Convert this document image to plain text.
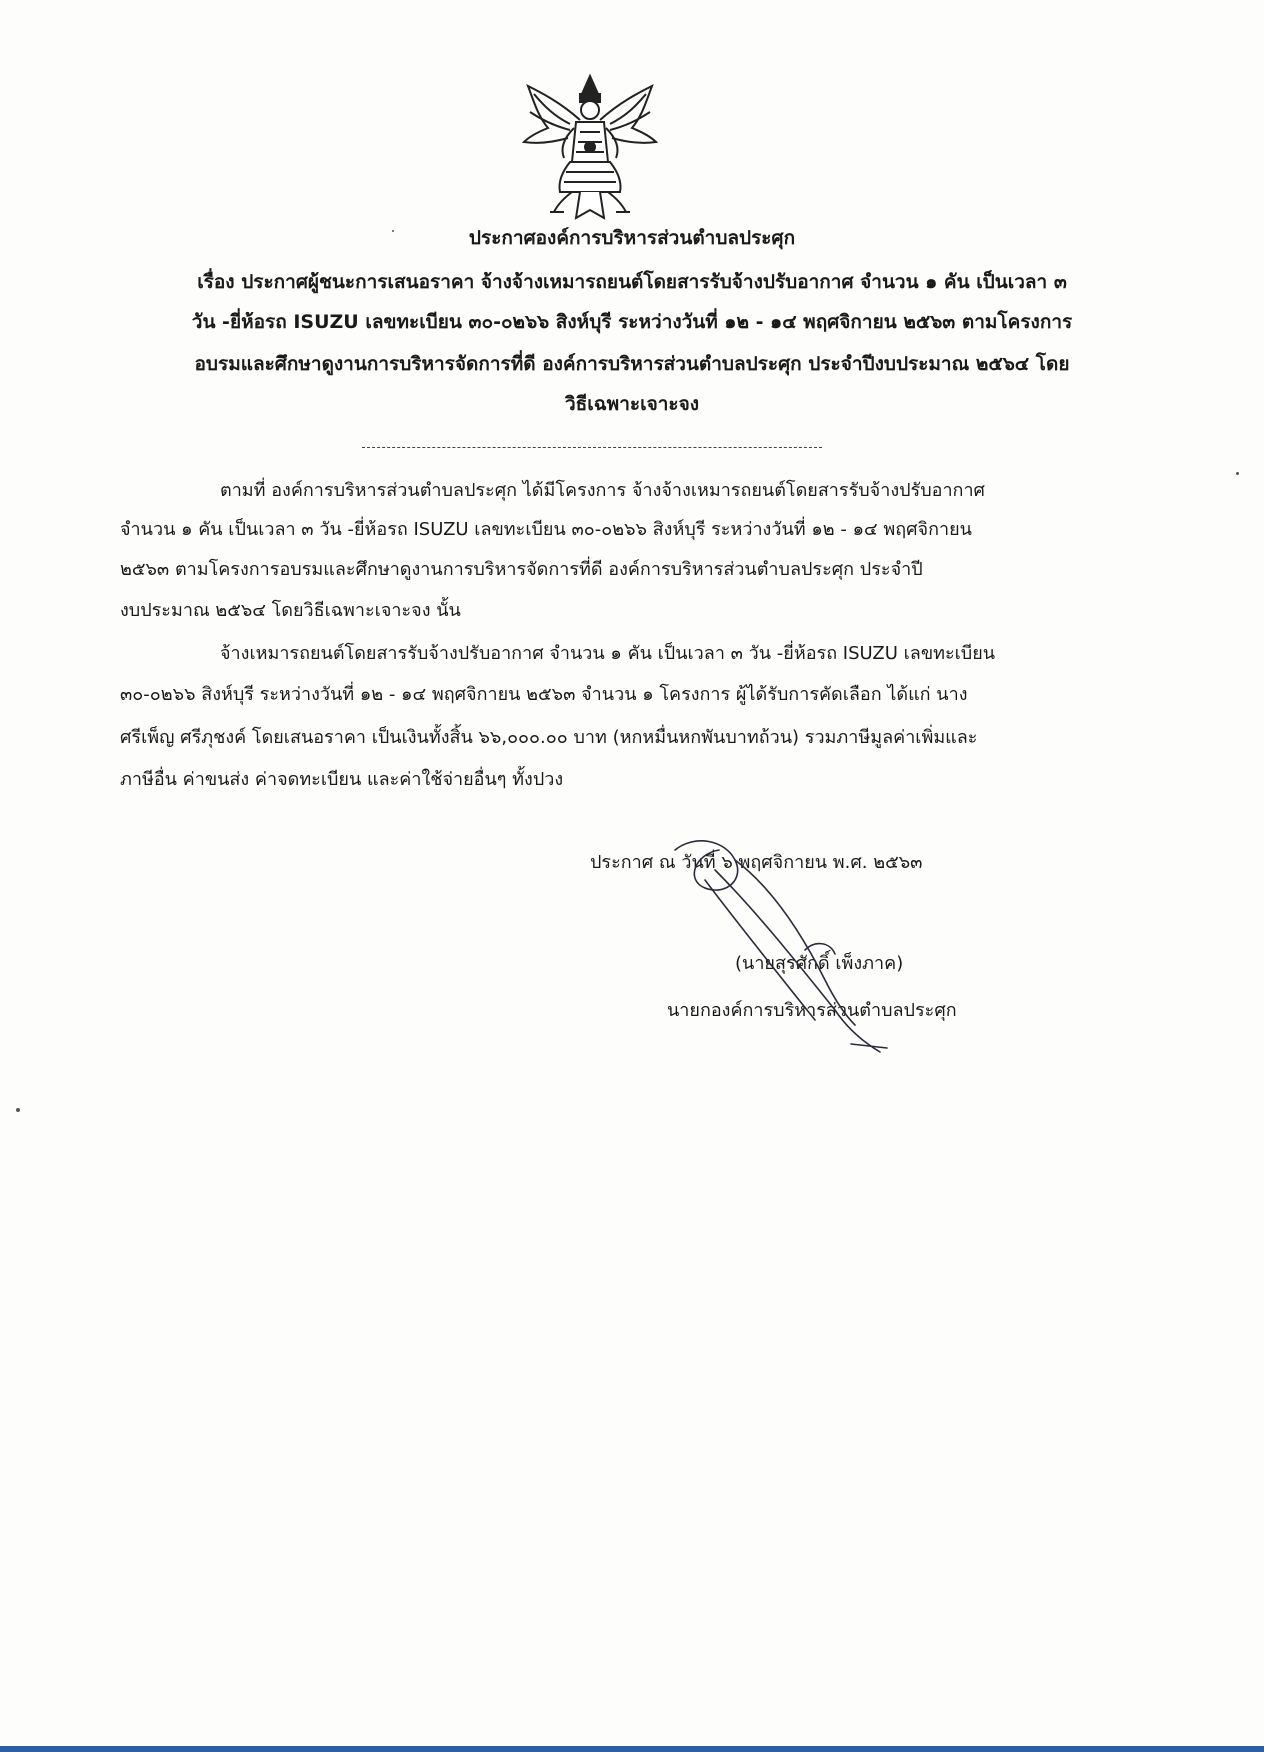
ประกาศองค์การบริหารส่วนตำบลประศุก
เรื่อง ประกาศผู้ชนะการเสนอราคา จ้างจ้างเหมารถยนต์โดยสารรับจ้างปรับอากาศ จำนวน ๑ คัน เป็นเวลา ๓
วัน -ยี่ห้อรถ ISUZU เลขทะเบียน ๓๐-๐๒๖๖ สิงห์บุรี ระหว่างวันที่ ๑๒ - ๑๔ พฤศจิกายน ๒๕๖๓ ตามโครงการ
อบรมและศึกษาดูงานการบริหารจัดการที่ดี องค์การบริหารส่วนตำบลประศุก ประจำปีงบประมาณ ๒๕๖๔ โดย
วิธีเฉพาะเจาะจง
ตามที่ องค์การบริหารส่วนตำบลประศุก ได้มีโครงการ จ้างจ้างเหมารถยนต์โดยสารรับจ้างปรับอากาศ
จำนวน ๑ คัน เป็นเวลา ๓ วัน -ยี่ห้อรถ ISUZU เลขทะเบียน ๓๐-๐๒๖๖ สิงห์บุรี ระหว่างวันที่ ๑๒ - ๑๔ พฤศจิกายน
๒๕๖๓ ตามโครงการอบรมและศึกษาดูงานการบริหารจัดการที่ดี องค์การบริหารส่วนตำบลประศุก ประจำปี
งบประมาณ ๒๕๖๔ โดยวิธีเฉพาะเจาะจง นั้น
จ้างเหมารถยนต์โดยสารรับจ้างปรับอากาศ จำนวน ๑ คัน เป็นเวลา ๓ วัน -ยี่ห้อรถ ISUZU เลขทะเบียน
๓๐-๐๒๖๖ สิงห์บุรี ระหว่างวันที่ ๑๒ - ๑๔ พฤศจิกายน ๒๕๖๓ จำนวน ๑ โครงการ ผู้ได้รับการคัดเลือก ได้แก่ นาง
ศรีเพ็ญ ศรีภุชงค์ โดยเสนอราคา เป็นเงินทั้งสิ้น ๖๖,๐๐๐.๐๐ บาท (หกหมื่นหกพันบาทถ้วน) รวมภาษีมูลค่าเพิ่มและ
ภาษีอื่น ค่าขนส่ง ค่าจดทะเบียน และค่าใช้จ่ายอื่นๆ ทั้งปวง
ประกาศ ณ วันที่ ๖ พฤศจิกายน พ.ศ. ๒๕๖๓
(นายสุรศักดิ์ เพ็งภาค)
นายกองค์การบริหารส่วนตำบลประศุก
